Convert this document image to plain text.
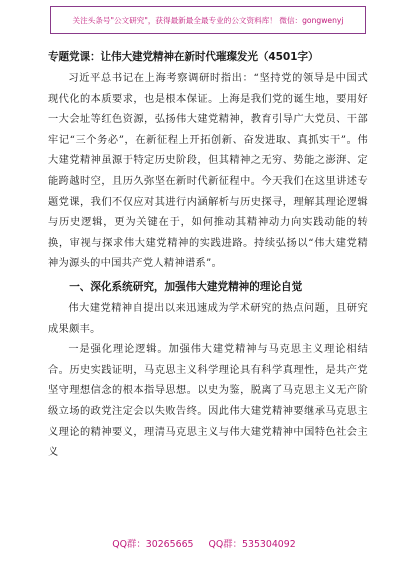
关注头条号"公文研究"，获得最新最全最专业的公文资料库！ 微信：gongwenyj
专题党课：让伟大建党精神在新时代璀璨发光（4501字）

习近平总书记在上海考察调研时指出：“坚持党的领导是中国式现代化的本质要求，也是根本保证。上海是我们党的诞生地，要用好一大会址等红色资源，弘扬伟大建党精神，教育引导广大党员、干部牢记“三个务必”，在新征程上开拓创新、奋发进取、真抓实干”。伟大建党精神虽源于特定历史阶段，但其精神之无穷、势能之澎湃、定能跨越时空，且历久弥坚在新时代新征程中。今天我们在这里讲述专题党课，我们不仅应对其进行内涵解析与历史探寻，理解其理论逻辑与历史逻辑，更为关键在于，如何推动其精神动力向实践动能的转换，审视与探求伟大建党精神的实践进路。持续弘扬以“伟大建党精神为源头的中国共产党人精神谱系”。

一、深化系统研究，加强伟大建党精神的理论自觉

伟大建党精神自提出以来迅速成为学术研究的热点问题，且研究成果颇丰。

一是强化理论逻辑。加强伟大建党精神与马克思主义理论相结合。历史实践证明，马克思主义科学理论具有科学真理性，是共产党坚守理想信念的根本指导思想。以史为鉴，脱离了马克思主义无产阶级立场的政党注定会以失败告终。因此伟大建党精神要继承马克思主义理论的精神要义，理清马克思主义与伟大建党精神中国特色社会主义

QQ群：30265665 QQ群：535304092
